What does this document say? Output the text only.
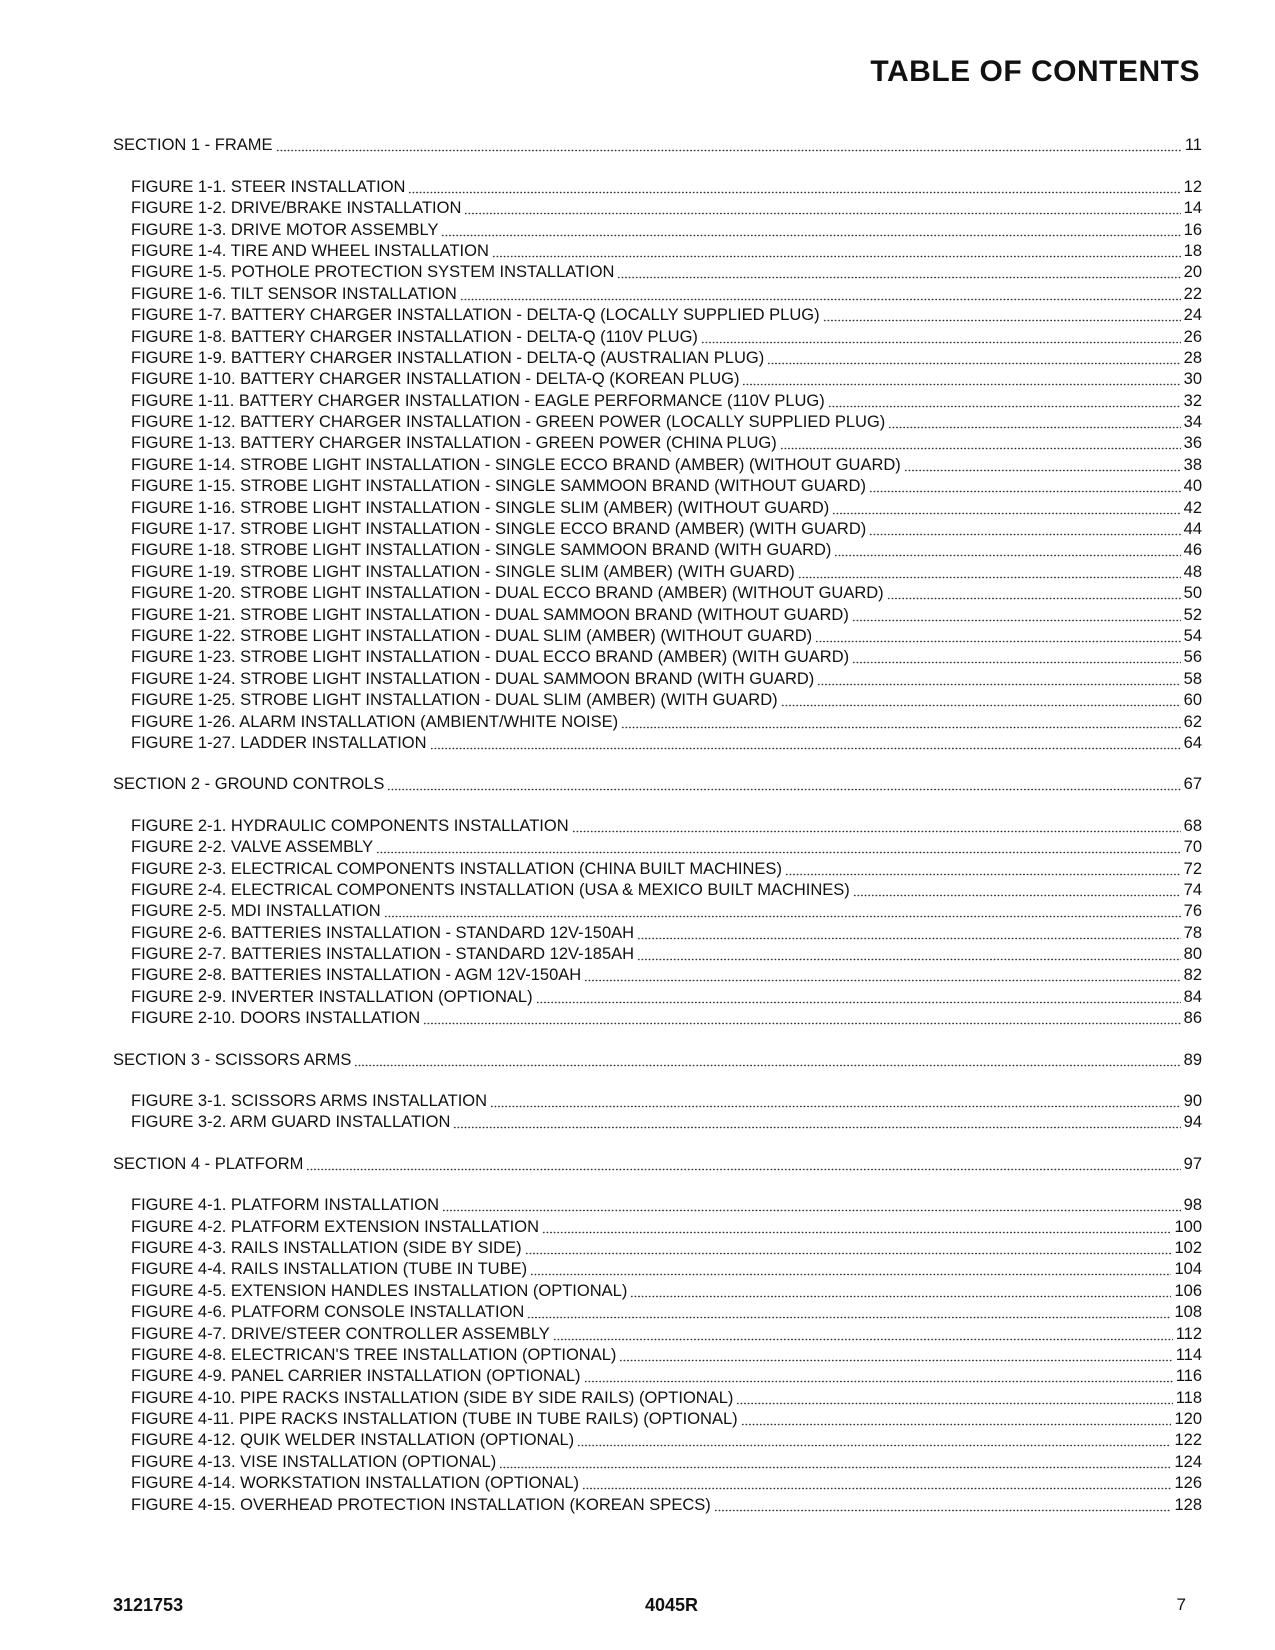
TABLE OF CONTENTS
SECTION 1 - FRAME	11
FIGURE 1-1. STEER INSTALLATION	12
FIGURE 1-2. DRIVE/BRAKE INSTALLATION	14
FIGURE 1-3. DRIVE MOTOR ASSEMBLY	16
FIGURE 1-4. TIRE AND WHEEL INSTALLATION	18
FIGURE 1-5. POTHOLE PROTECTION SYSTEM INSTALLATION	20
FIGURE 1-6. TILT SENSOR INSTALLATION	22
FIGURE 1-7. BATTERY CHARGER INSTALLATION - DELTA-Q (LOCALLY SUPPLIED PLUG)	24
FIGURE 1-8. BATTERY CHARGER INSTALLATION - DELTA-Q (110V PLUG)	26
FIGURE 1-9. BATTERY CHARGER INSTALLATION - DELTA-Q (AUSTRALIAN PLUG)	28
FIGURE 1-10. BATTERY CHARGER INSTALLATION - DELTA-Q (KOREAN PLUG)	30
FIGURE 1-11. BATTERY CHARGER INSTALLATION - EAGLE PERFORMANCE (110V PLUG)	32
FIGURE 1-12. BATTERY CHARGER INSTALLATION - GREEN POWER (LOCALLY SUPPLIED PLUG)	34
FIGURE 1-13. BATTERY CHARGER INSTALLATION - GREEN POWER (CHINA PLUG)	36
FIGURE 1-14. STROBE LIGHT INSTALLATION - SINGLE ECCO BRAND (AMBER) (WITHOUT GUARD)	38
FIGURE 1-15. STROBE LIGHT INSTALLATION - SINGLE SAMMOON BRAND (WITHOUT GUARD)	40
FIGURE 1-16. STROBE LIGHT INSTALLATION - SINGLE SLIM (AMBER) (WITHOUT GUARD)	42
FIGURE 1-17. STROBE LIGHT INSTALLATION - SINGLE ECCO BRAND (AMBER) (WITH GUARD)	44
FIGURE 1-18. STROBE LIGHT INSTALLATION - SINGLE SAMMOON BRAND (WITH GUARD)	46
FIGURE 1-19. STROBE LIGHT INSTALLATION - SINGLE SLIM (AMBER) (WITH GUARD)	48
FIGURE 1-20. STROBE LIGHT INSTALLATION - DUAL ECCO BRAND (AMBER) (WITHOUT GUARD)	50
FIGURE 1-21. STROBE LIGHT INSTALLATION - DUAL SAMMOON BRAND (WITHOUT GUARD)	52
FIGURE 1-22. STROBE LIGHT INSTALLATION - DUAL SLIM (AMBER) (WITHOUT GUARD)	54
FIGURE 1-23. STROBE LIGHT INSTALLATION - DUAL ECCO BRAND (AMBER) (WITH GUARD)	56
FIGURE 1-24. STROBE LIGHT INSTALLATION - DUAL SAMMOON BRAND (WITH GUARD)	58
FIGURE 1-25. STROBE LIGHT INSTALLATION - DUAL SLIM (AMBER) (WITH GUARD)	60
FIGURE 1-26. ALARM INSTALLATION (AMBIENT/WHITE NOISE)	62
FIGURE 1-27. LADDER INSTALLATION	64
SECTION 2 - GROUND CONTROLS	67
FIGURE 2-1. HYDRAULIC COMPONENTS INSTALLATION	68
FIGURE 2-2. VALVE ASSEMBLY	70
FIGURE 2-3. ELECTRICAL COMPONENTS INSTALLATION (CHINA BUILT MACHINES)	72
FIGURE 2-4. ELECTRICAL COMPONENTS INSTALLATION (USA & MEXICO BUILT MACHINES)	74
FIGURE 2-5. MDI INSTALLATION	76
FIGURE 2-6. BATTERIES INSTALLATION - STANDARD 12V-150AH	78
FIGURE 2-7. BATTERIES INSTALLATION - STANDARD 12V-185AH	80
FIGURE 2-8. BATTERIES INSTALLATION - AGM 12V-150AH	82
FIGURE 2-9. INVERTER INSTALLATION (OPTIONAL)	84
FIGURE 2-10. DOORS INSTALLATION	86
SECTION 3 - SCISSORS ARMS	89
FIGURE 3-1. SCISSORS ARMS INSTALLATION	90
FIGURE 3-2. ARM GUARD INSTALLATION	94
SECTION 4 - PLATFORM	97
FIGURE 4-1. PLATFORM INSTALLATION	98
FIGURE 4-2. PLATFORM EXTENSION INSTALLATION	100
FIGURE 4-3. RAILS INSTALLATION (SIDE BY SIDE)	102
FIGURE 4-4. RAILS INSTALLATION (TUBE IN TUBE)	104
FIGURE 4-5. EXTENSION HANDLES INSTALLATION (OPTIONAL)	106
FIGURE 4-6. PLATFORM CONSOLE INSTALLATION	108
FIGURE 4-7. DRIVE/STEER CONTROLLER ASSEMBLY	112
FIGURE 4-8. ELECTRICAN'S TREE INSTALLATION (OPTIONAL)	114
FIGURE 4-9. PANEL CARRIER INSTALLATION (OPTIONAL)	116
FIGURE 4-10. PIPE RACKS INSTALLATION (SIDE BY SIDE RAILS) (OPTIONAL)	118
FIGURE 4-11. PIPE RACKS INSTALLATION (TUBE IN TUBE RAILS) (OPTIONAL)	120
FIGURE 4-12. QUIK WELDER INSTALLATION (OPTIONAL)	122
FIGURE 4-13. VISE INSTALLATION (OPTIONAL)	124
FIGURE 4-14. WORKSTATION INSTALLATION (OPTIONAL)	126
FIGURE 4-15. OVERHEAD PROTECTION INSTALLATION (KOREAN SPECS)	128
3121753	4045R	7
